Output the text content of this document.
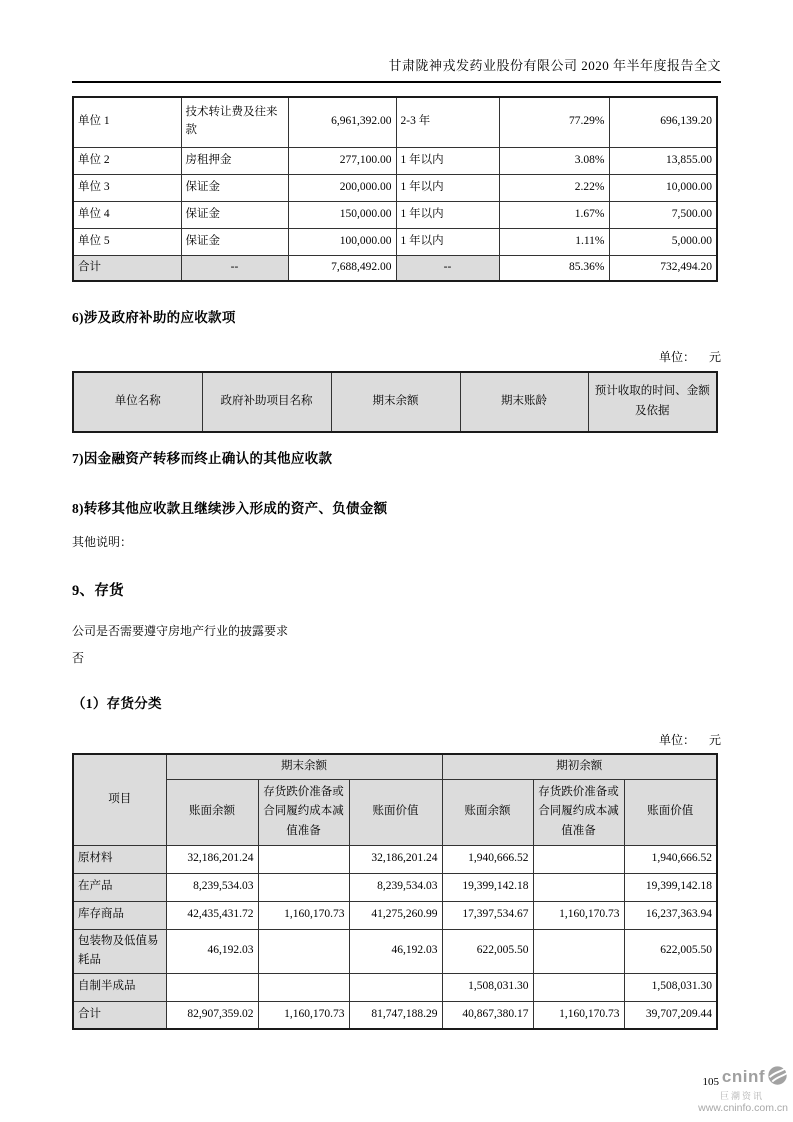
甘肃陇神戎发药业股份有限公司 2020 年半年度报告全文
单位 1	技术转让费及往来款	6,961,392.00	2-3 年	77.29%	696,139.20
单位 2	房租押金	277,100.00	1 年以内	3.08%	13,855.00
单位 3	保证金	200,000.00	1 年以内	2.22%	10,000.00
单位 4	保证金	150,000.00	1 年以内	1.67%	7,500.00
单位 5	保证金	100,000.00	1 年以内	1.11%	5,000.00
合计	--	7,688,492.00	--	85.36%	732,494.20
6)涉及政府补助的应收款项
单位： 元
单位名称	政府补助项目名称	期末余额	期末账龄	预计收取的时间、金额及依据
7)因金融资产转移而终止确认的其他应收款
8)转移其他应收款且继续涉入形成的资产、负债金额
其他说明：
9、存货
公司是否需要遵守房地产行业的披露要求
否
（1）存货分类
单位： 元
项目	期末余额			期初余额		
	账面余额	存货跌价准备或合同履约成本减值准备	账面价值	账面余额	存货跌价准备或合同履约成本减值准备	账面价值
原材料	32,186,201.24		32,186,201.24	1,940,666.52		1,940,666.52
在产品	8,239,534.03		8,239,534.03	19,399,142.18		19,399,142.18
库存商品	42,435,431.72	1,160,170.73	41,275,260.99	17,397,534.67	1,160,170.73	16,237,363.94
包装物及低值易耗品	46,192.03		46,192.03	622,005.50		622,005.50
自制半成品				1,508,031.30		1,508,031.30
合计	82,907,359.02	1,160,170.73	81,747,188.29	40,867,380.17	1,160,170.73	39,707,209.44
105 cninf
巨潮资讯
www.cninfo.com.cn
